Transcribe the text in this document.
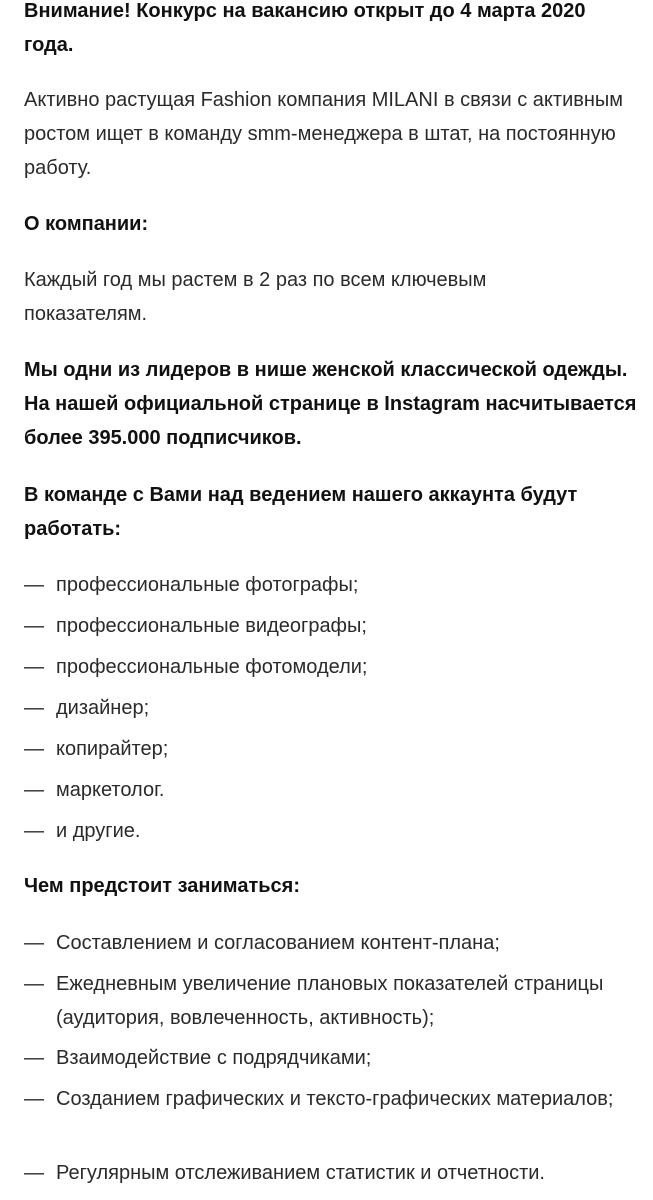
Внимание! Конкурс на вакансию открыт до 4 марта 2020 года.

Активно растущая Fashion компания MILANI в связи с активным ростом ищет в команду smm-менеджера в штат, на постоянную работу.

О компании:

Каждый год мы растем в 2 раз по всем ключевым показателям.

Мы одни из лидеров в нише женской классической одежды. На нашей официальной странице в Instagram насчитывается более 395.000 подписчиков.

В команде с Вами над ведением нашего аккаунта будут работать:

— профессиональные фотографы;
— профессиональные видеографы;
— профессиональные фотомодели;
— дизайнер;
— копирайтер;
— маркетолог.
— и другие.

Чем предстоит заниматься:

— Составлением и согласованием контент-плана;
— Ежедневным увеличение плановых показателей страницы (аудитория, вовлеченность, активность);
— Взаимодействие с подрядчиками;
— Созданием графических и тексто-графических материалов;
— Регулярным отслеживанием статистик и отчетности.
